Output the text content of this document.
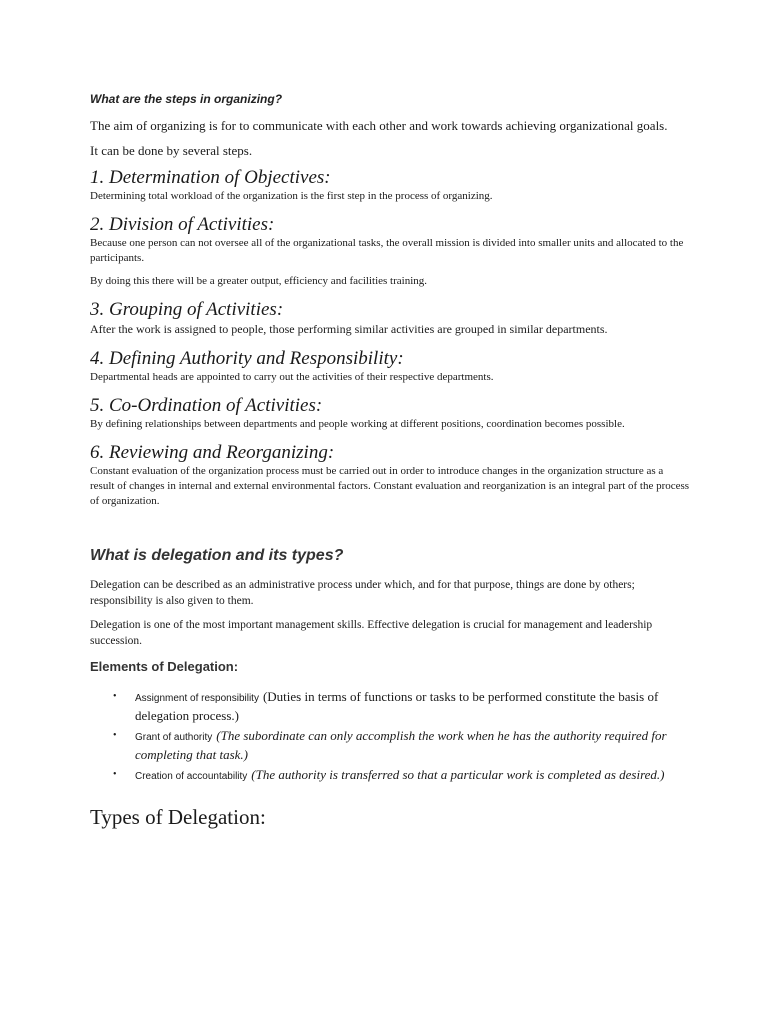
What are the steps in organizing?

The aim of organizing is for to communicate with each other and work towards achieving organizational goals.

It can be done by several steps.

1. Determination of Objectives:

Determining total workload of the organization is the first step in the process of organizing.

2. Division of Activities:

Because one person can not oversee all of the organizational tasks, the overall mission is divided into smaller units and allocated to the participants.

By doing this there will be a greater output, efficiency and facilities training.

3. Grouping of Activities:

After the work is assigned to people, those performing similar activities are grouped in similar departments.

4. Defining Authority and Responsibility:

Departmental heads are appointed to carry out the activities of their respective departments.

5. Co-Ordination of Activities:

By defining relationships between departments and people working at different positions, coordination becomes possible.

6. Reviewing and Reorganizing:

Constant evaluation of the organization process must be carried out in order to introduce changes in the organization structure as a result of changes in internal and external environmental factors. Constant evaluation and reorganization is an integral part of the process of organization.

What is delegation and its types?

Delegation can be described as an administrative process under which, and for that purpose, things are done by others; responsibility is also given to them.

Delegation is one of the most important management skills. Effective delegation is crucial for management and leadership succession.

Elements of Delegation:
• Assignment of responsibility (Duties in terms of functions or tasks to be performed constitute the basis of delegation process.)
• Grant of authority (The subordinate can only accomplish the work when he has the authority required for completing that task.)
• Creation of accountability (The authority is transferred so that a particular work is completed as desired.)
Types of Delegation:
